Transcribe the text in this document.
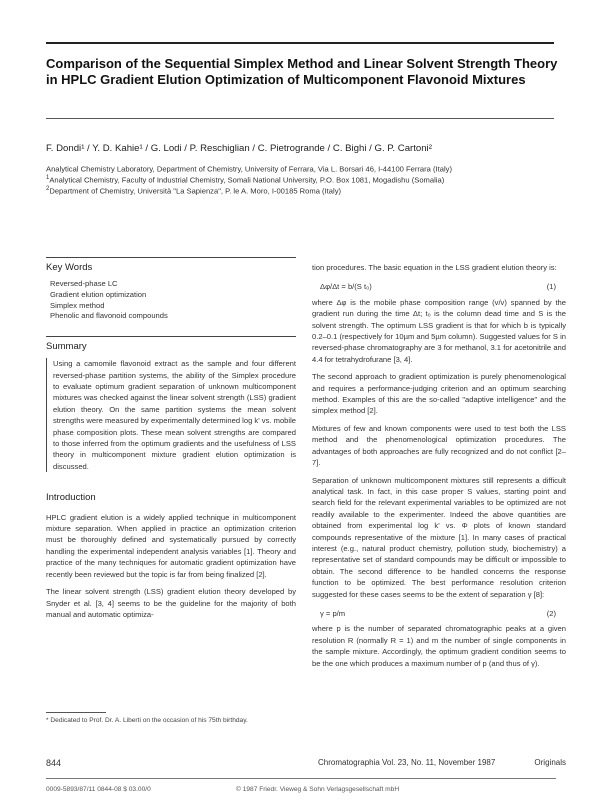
Comparison of the Sequential Simplex Method and Linear Solvent Strength Theory in HPLC Gradient Elution Optimization of Multicomponent Flavonoid Mixtures
F. Dondi¹ / Y. D. Kahie¹ / G. Lodi / P. Reschiglian / C. Pietrogrande / C. Bighi / G. P. Cartoni²
Analytical Chemistry Laboratory, Department of Chemistry, University of Ferrara, Via L. Borsari 46, I-44100 Ferrara (Italy)
$^1$Analytical Chemistry, Faculty of Industrial Chemistry, Somali National University, P.O. Box 1081, Mogadishu (Somalia)
$^2$Department of Chemistry, Università "La Sapienza", P. le A. Moro, I-00185 Roma (Italy)
Key Words
Reversed-phase LC
Gradient elution optimization
Simplex method
Phenolic and flavonoid compounds
Summary
Using a camomile flavonoid extract as the sample and four different reversed-phase partition systems, the ability of the Simplex procedure to evaluate optimum gradient separation of unknown multicomponent mixtures was checked against the linear solvent strength (LSS) gradient elution theory. On the same partition systems the mean solvent strengths were measured by experimentally determined log k' vs. mobile phase composition plots. These mean solvent strengths are compared to those inferred from the optimum gradients and the usefulness of LSS theory in multicomponent mixture gradient elution optimization is discussed.
Introduction

HPLC gradient elution is a widely applied technique in multicomponent mixture separation. When applied in practice an optimization criterion must be thoroughly defined and systematically pursued by correctly handling the experimental independent analysis variables [1]. Theory and practice of the many techniques for automatic gradient optimization have recently been reviewed but the topic is far from being finalized [2].

The linear solvent strength (LSS) gradient elution theory developed by Snyder et al. [3, 4] seems to be the guideline for the majority of both manual and automatic optimiza-

tion procedures. The basic equation in the LSS gradient elution theory is:

Δφ/Δt = b/(S t₀)	(1)

where Δφ is the mobile phase composition range (v/v) spanned by the gradient run during the time Δt; t₀ is the column dead time and S is the solvent strength. The optimum LSS gradient is that for which b is typically 0.2–0.1 (respectively for 10µm and 5µm column). Suggested values for S in reversed-phase chromatography are 3 for methanol, 3.1 for acetonitrile and 4.4 for tetrahydrofurane [3, 4].

The second approach to gradient optimization is purely phenomenological and requires a performance-judging criterion and an optimum searching method. Examples of this are the so-called "adaptive intelligence" and the simplex method [2].

Mixtures of few and known components were used to test both the LSS method and the phenomenological optimization procedures. The advantages of both approaches are fully recognized and do not conflict [2–7].

Separation of unknown multicomponent mixtures still represents a difficult analytical task. In fact, in this case proper S values, starting point and search field for the relevant experimental variables to be optimized are not readily available to the experimenter. Indeed the above quantities are obtained from experimental log k' vs. Φ plots of known standard compounds representative of the mixture [1]. In many cases of practical interest (e.g., natural product chemistry, pollution study, biochemistry) a representative set of standard compounds may be difficult or impossible to obtain. The second difference to be handled concerns the response function to be optimized. The best performance resolution criterion suggested for these cases seems to be the extent of separation γ [8]:

γ = p/m	(2)

where p is the number of separated chromatographic peaks at a given resolution R (normally R = 1) and m the number of single components in the sample mixture. Accordingly, the optimum gradient condition seems to be the one which produces a maximum number of p (and thus of γ).

* Dedicated to Prof. Dr. A. Liberti on the occasion of his 75th birthday.
844	Chromatographia Vol. 23, No. 11, November 1987	Originals
0009-5893/87/11 0844-08 $ 03.00/0	© 1987 Friedr. Vieweg & Sohn Verlagsgesellschaft mbH
